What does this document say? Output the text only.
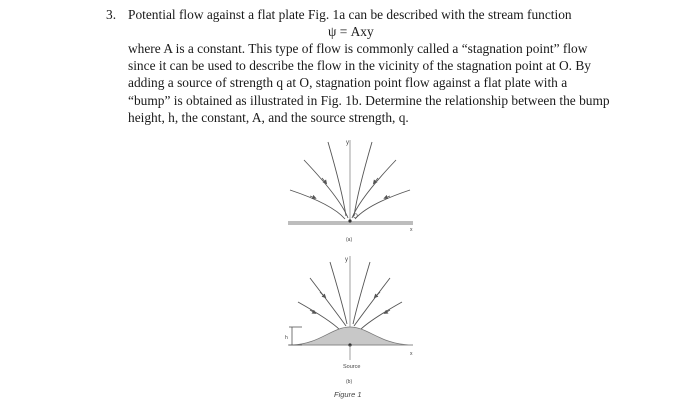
3. Potential flow against a flat plate Fig. 1a can be described with the stream function
ψ = Axy
where A is a constant. This type of flow is commonly called a “stagnation point” flow
since it can be used to describe the flow in the vicinity of the stagnation point at O. By
adding a source of strength q at O, stagnation point flow against a flat plate with a
“bump” is obtained as illustrated in Fig. 1b. Determine the relationship between the bump
height, h, the constant, A, and the source strength, q.
y
O
x
(a)
y
h
x
Source
(b)
Figure 1
